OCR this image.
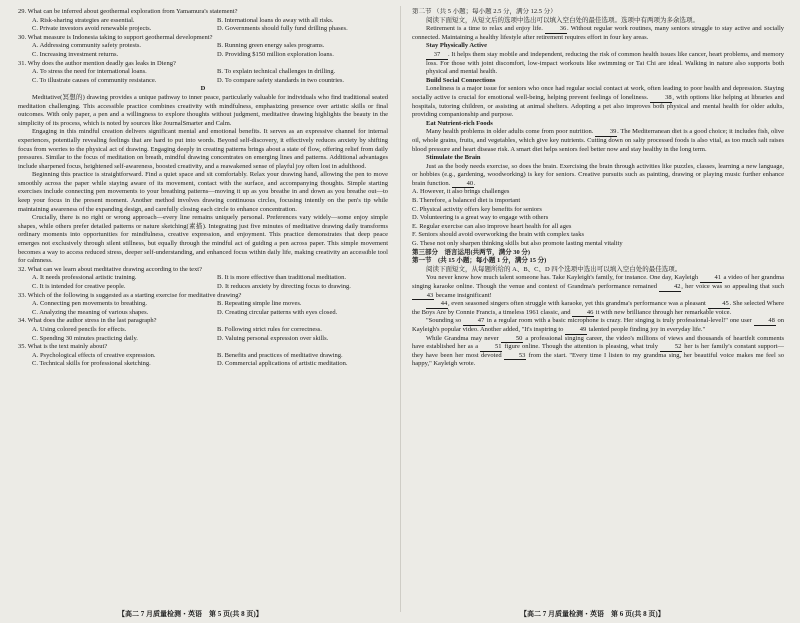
29. What can be inferred about geothermal exploration from Yamamura's statement?

A. Risk-sharing strategies are essential.	B. International loans do away with all risks.
C. Private investors avoid renewable projects.	D. Governments should fully fund drilling phases.

30. What measure is Indonesia taking to support geothermal development?

A. Addressing community safety protests.	B. Running green energy sales programs.
C. Increasing investment returns.	D. Providing $150 million exploration loans.

31. Why does the author mention deadly gas leaks in Dieng?

A. To stress the need for international loans.	B. To explain technical challenges in drilling.
C. To illustrate causes of community resistance.	D. To compare safety standards in two countries.

D

Meditative(冥想的) drawing provides a unique pathway to inner peace, particularly valuable for individuals who find traditional seated meditation challenging. This accessible practice combines creativity with mindfulness, emphasizing presence over artistic skills or final outcomes. With only paper, a pen and a willingness to explore thoughts without judgment, meditative drawing highlights the beauty in the simplicity of its process, which is noted by sources like JournalSmarter and Calm.

Engaging in this mindful creation delivers significant mental and emotional benefits. It serves as an expressive channel for internal experiences, potentially revealing feelings that are hard to put into words. Beyond self-discovery, it effectively reduces anxiety by shifting focus from worries to the physical act of drawing. Engaging deeply in creating patterns brings about a state of flow, offering relief from daily pressures. Similar to the focus of meditation on breath, mindful drawing concentrates on emerging lines and patterns. Additional advantages include sharpened focus, heightened self-awareness, boosted creativity, and a reawakened sense of playful joy often lost in adulthood.

Beginning this practice is straightforward. Find a quiet space and sit comfortably. Relax your drawing hand, allowing the pen to move smoothly across the paper while staying aware of its movement, contact with the surface, and accompanying thoughts. Simple starting exercises include connecting pen movements to your breathing patterns—moving it up as you breathe in and down as you breathe out—to keep your focus in the present moment. Another method involves drawing continuous circles, focusing intently on the pen's tip while maintaining awareness of the expanding design, and carefully closing each circle to enhance concentration.

Crucially, there is no right or wrong approach—every line remains uniquely personal. Preferences vary widely—some enjoy simple shapes, while others prefer detailed patterns or nature sketching(素描). Integrating just five minutes of meditative drawing daily transforms ordinary moments into opportunities for mindfulness, creative expression, and enjoyment. This practice demonstrates that deep peace emerges not exclusively through silent stillness, but equally through the mindful act of guiding a pen across paper. This simple movement becomes a way to access reduced stress, deeper self-understanding, and enhanced focus within daily life, making creativity an accessible tool for calmness.

32. What can we learn about meditative drawing according to the text?

A. It needs professional artistic training.	B. It is more effective than traditional meditation.
C. It is intended for creative people.	D. It reduces anxiety by directing focus to drawing.

33. Which of the following is suggested as a starting exercise for meditative drawing?

A. Connecting pen movements to breathing.	B. Repeating simple line moves.
C. Analyzing the meaning of various shapes.	D. Creating circular patterns with eyes closed.

34. What does the author stress in the last paragraph?

A. Using colored pencils for effects.	B. Following strict rules for correctness.
C. Spending 30 minutes practicing daily.	D. Valuing personal expression over skills.

35. What is the text mainly about?

A. Psychological effects of creative expression.	B. Benefits and practices of meditative drawing.
C. Technical skills for professional sketching.	D. Commercial applications of artistic meditation.
【高二 7 月质量检测・英语　第 5 页(共 8 页)】

第二节 （共 5 小题；每小题 2.5 分，满分 12.5 分）

阅读下面短文，从短文后的选项中选出可以填入空白处的最佳选项。选项中有两项为多余选项。

Retirement is a time to relax and enjoy life.	36. Without regular work routines, many seniors struggle to stay active and socially connected. Maintaining a healthy lifestyle after retirement requires effort in four key areas.

Stay Physically Active

37 . It helps them stay mobile and independent, reducing the risk of common health issues like cancer, heart problems, and memory loss. For those with joint discomfort, low-impact workouts like swimming or Tai Chi are ideal. Walking in nature also supports both physical and mental health.

Build Social Connections

Loneliness is a major issue for seniors who once had regular social contact at work, often leading to poor health and depression. Staying socially active is crucial for emotional well-being, helping prevent feelings of loneliness.	38, with options like helping at libraries and hospitals, tutoring children, or assisting at animal shelters. Adopting a pet also improves both physical and mental health for older adults, providing companionship and purpose.

Eat Nutrient-rich Foods

Many health problems in older adults come from poor nutrition.	39. The Mediterranean diet is a good choice; it includes fish, olive oil, whole grains, fruits, and vegetables, which give key nutrients. Cutting down on salty processed foods is also vital, as too much salt raises blood pressure and heart disease risk. A smart diet helps seniors feel better now and stay healthy in the long term.

Stimulate the Brain

Just as the body needs exercise, so does the brain. Exercising the brain through activities like puzzles, classes, learning a new language, or hobbies (e.g., gardening, woodworking) is key for seniors. Creative pursuits such as painting, drawing or playing music further enhance brain function.	40.

A. However, it also brings challenges
B. Therefore, a balanced diet is important
C. Physical activity offers key benefits for seniors
D. Volunteering is a great way to engage with others
E. Regular exercise can also improve heart health for all ages
F. Seniors should avoid overworking the brain with complex tasks
G. These not only sharpen thinking skills but also promote lasting mental vitality

第三部分　语言运用(共两节，满分 30 分)

第一节　(共 15 小题；每小题 1 分，满分 15 分)

阅读下面短文，从每题所给的 A、B、C、D 四个选项中选出可以填入空白处的最佳选项。

You never know how much talent someone has. Take Kayleigh's family, for instance. One day, Kayleigh 41 a video of her grandma singing karaoke online. Though the venue and context of Grandma's performance remained 42, her voice was so appealing that such 43 became insignificant!

44, even seasoned singers often struggle with karaoke, yet this grandma's performance was a pleasant 45. She selected Where the Boys Are by Connie Francis, a timeless 1961 classic, and 46 it with new brilliance through her remarkable voice.

"Sounding so 47 in a regular room with a basic microphone is crazy. Her singing is truly professional-level!" one user 48 on Kayleigh's popular video. Another added, "It's inspiring to 49 talented people finding joy in everyday life."

While Grandma may never 50 a professional singing career, the video's millions of views and thousands of heartfelt comments have established her as a 51 figure online. Though the attention is pleasing, what truly 52 her is her family's constant support—they have been her most devoted 53 from the start. "Every time I listen to my grandma sing, her beautiful voice makes me feel so happy," Kayleigh wrote.

【高二 7 月质量检测・英语　第 6 页(共 8 页)】
